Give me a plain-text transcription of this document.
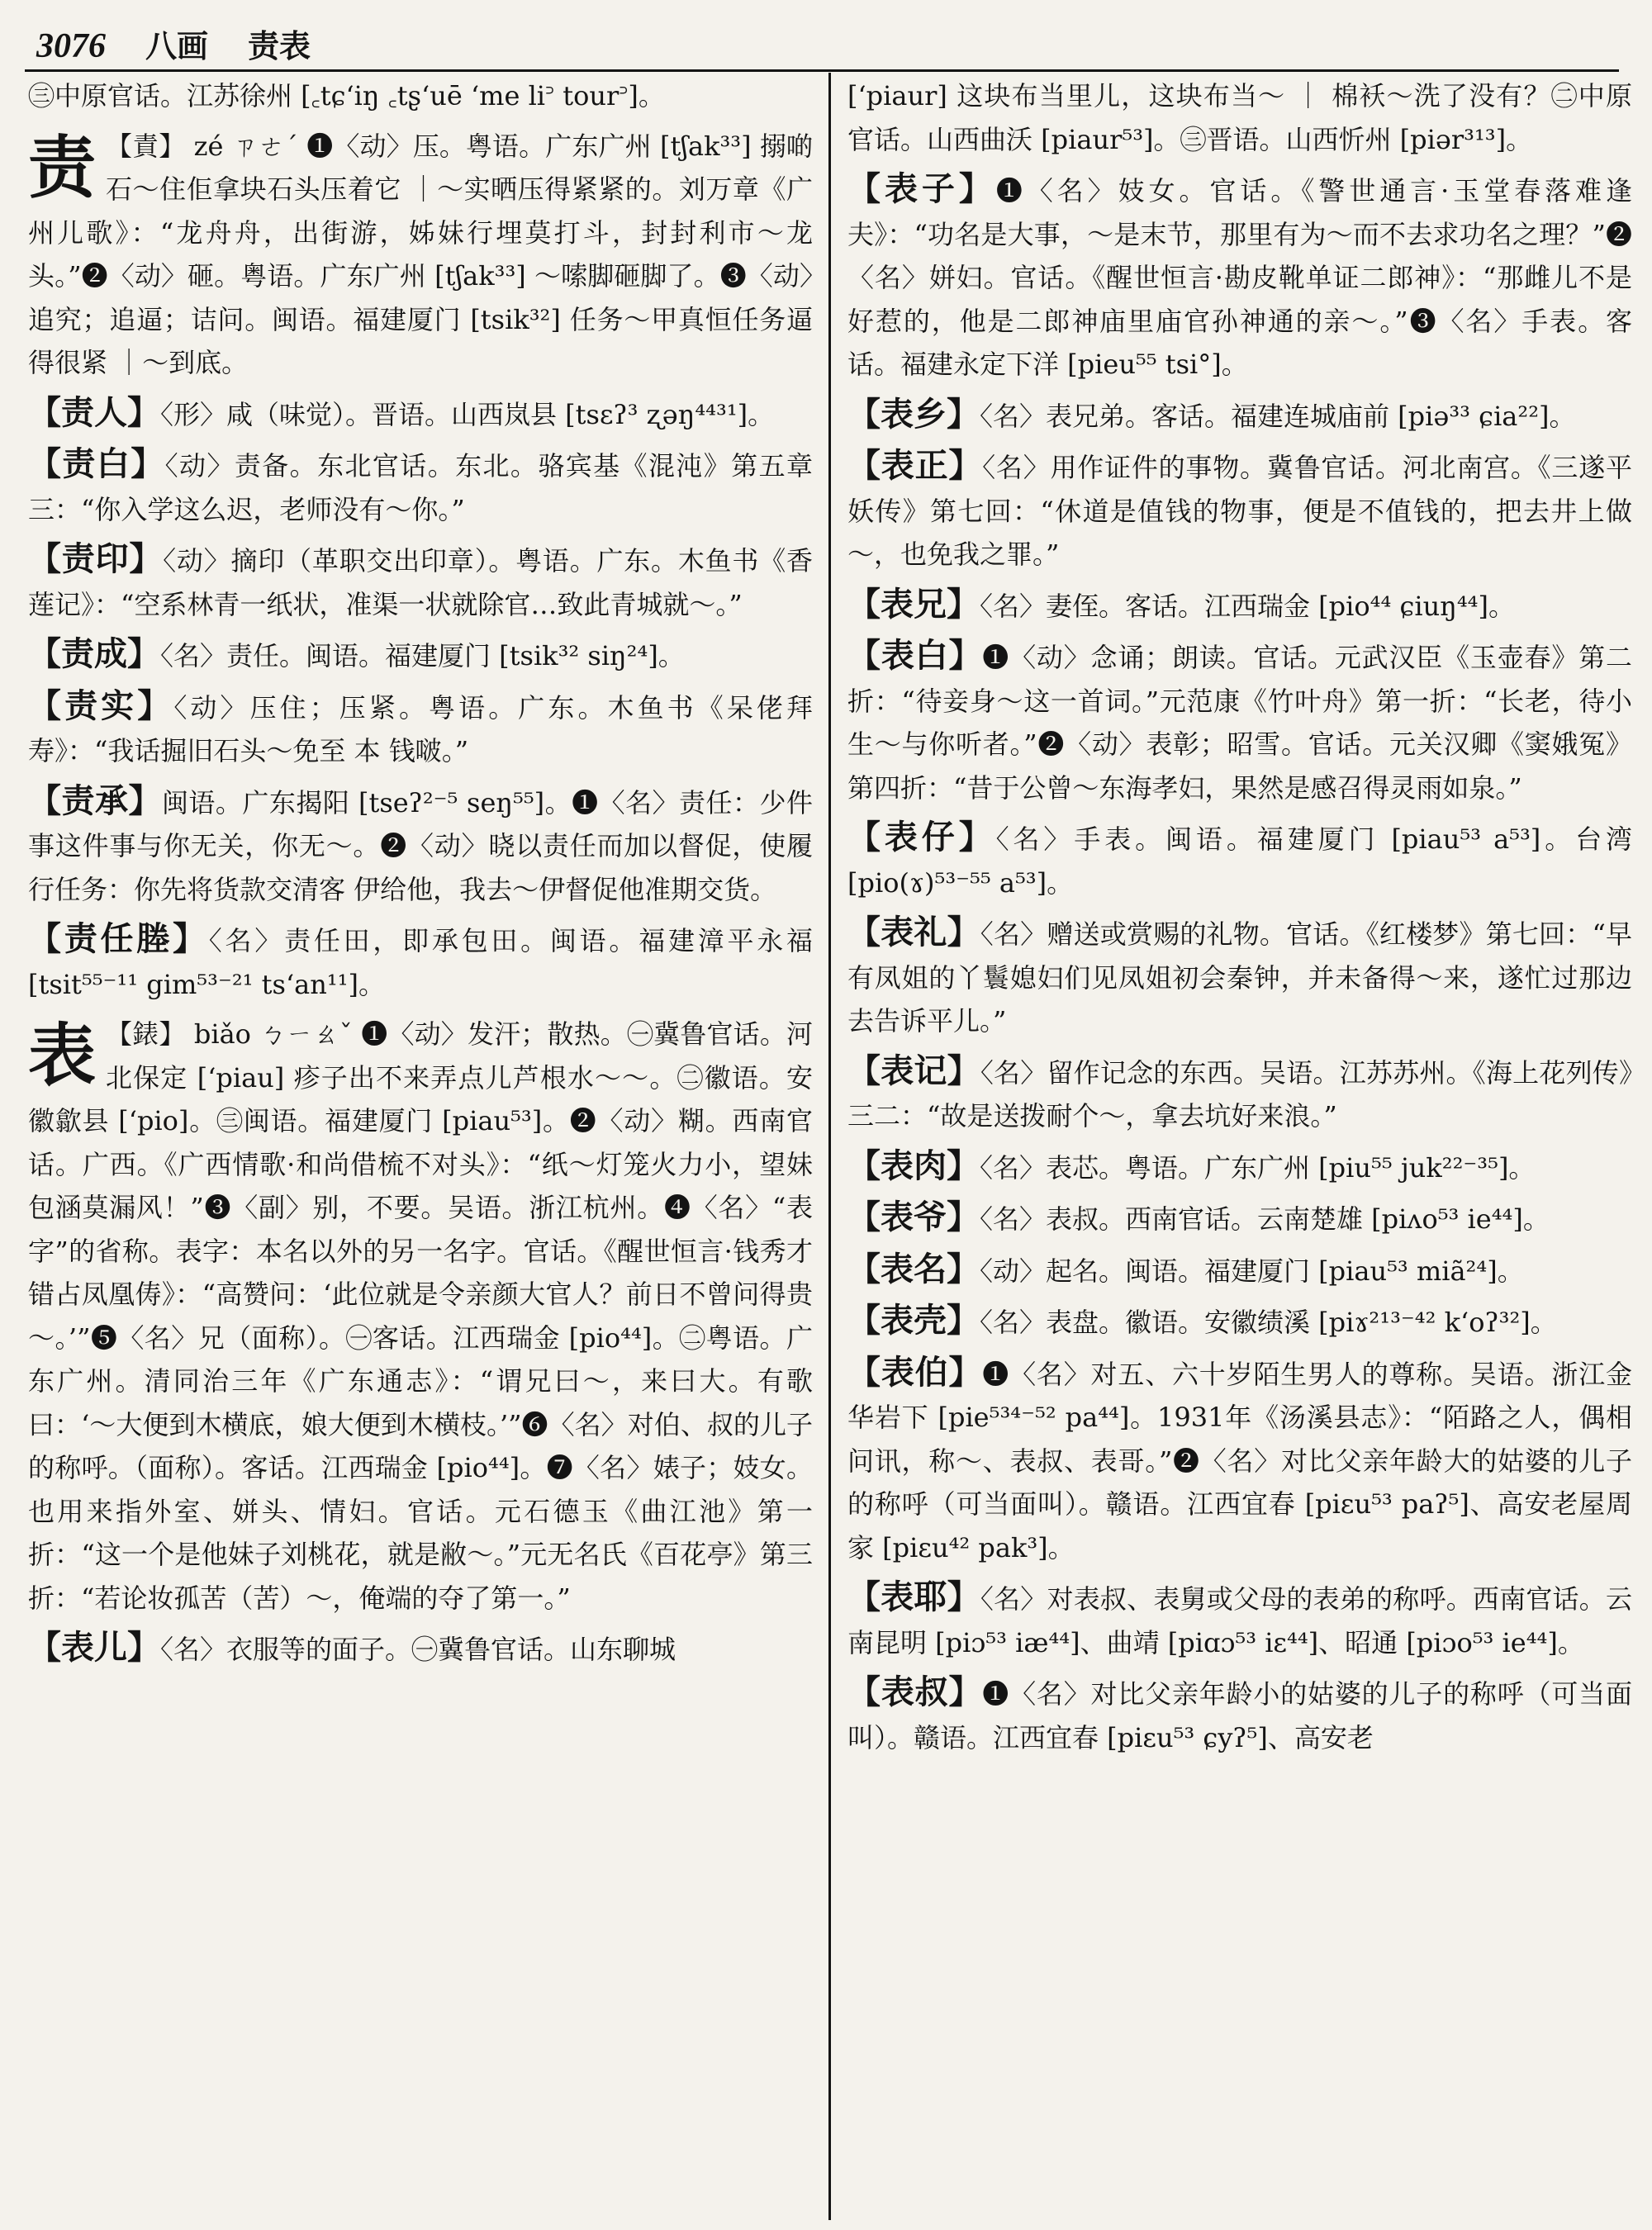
3076 八画 责表

㊂中原官话。江苏徐州 [꜀tɕʻiŋ ꜀tʂʻuē ʻme li꜄ tour꜄]。

责 【責】 zé ㄗㄜˊ ❶〈动〉压。粤语。广东广州 [tʃak³³] 搦啲石～住佢拿块石头压着它 ｜～实晒压得紧紧的。刘万章《广州儿歌》：“龙舟舟，出街游，姊妹行埋莫打斗，封封利市～龙头。”❷〈动〉砸。粤语。广东广州 [tʃak³³] ～嗦脚砸脚了。❸〈动〉追究；追逼；诘问。闽语。福建厦门 [tsik³²] 任务～甲真恒任务逼得很紧 ｜～到底。

【责人】〈形〉咸（味觉）。晋语。山西岚县 [tsɛʔ³ ʐəŋ⁴⁴³¹]。

【责白】〈动〉责备。东北官话。东北。骆宾基《混沌》第五章三：“你入学这么迟，老师没有～你。”

【责印】〈动〉摘印（革职交出印章）。粤语。广东。木鱼书《香莲记》：“空系林青一纸状，准渠一状就除官…致此青城就～。”

【责成】〈名〉责任。闽语。福建厦门 [tsik³² siŋ²⁴]。

【责实】〈动〉压住；压紧。粤语。广东。木鱼书《呆佬拜寿》：“我话掘旧石头～免至 本 钱啵。”

【责承】闽语。广东揭阳 [tseʔ²⁻⁵ seŋ⁵⁵]。❶〈名〉责任：少件事这件事与你无关，你无～。❷〈动〉晓以责任而加以督促，使履行任务：你先将货款交清客 伊给他，我去～伊督促他准期交货。

【责任塍】〈名〉责任田，即承包田。闽语。福建漳平永福 [tsit⁵⁵⁻¹¹ gim⁵³⁻²¹ tsʻan¹¹]。

表 【錶】 biǎo ㄅㄧㄠˇ ❶〈动〉发汗；散热。㊀冀鲁官话。河北保定 [ʻpiau] 疹子出不来弄点儿芦根水～～。㊁徽语。安徽歙县 [ʻpio]。㊂闽语。福建厦门 [piau⁵³]。❷〈动〉糊。西南官话。广西。《广西情歌·和尚借梳不对头》：“纸～灯笼火力小，望妹包涵莫漏风！”❸〈副〉别，不要。吴语。浙江杭州。❹〈名〉“表字”的省称。表字：本名以外的另一名字。官话。《醒世恒言·钱秀才错占凤凰俦》：“高赞问：‘此位就是令亲颜大官人？前日不曾问得贵～。’”❺〈名〉兄（面称）。㊀客话。江西瑞金 [pio⁴⁴]。㊁粤语。广东广州。清同治三年《广东通志》：“谓兄曰～，来曰大。有歌曰：‘～大便到木横底，娘大便到木横枝。’”❻〈名〉对伯、叔的儿子的称呼。（面称）。客话。江西瑞金 [pio⁴⁴]。❼〈名〉婊子；妓女。也用来指外室、姘头、情妇。官话。元石德玉《曲江池》第一折：“这一个是他妹子刘桃花，就是敝～。”元无名氏《百花亭》第三折：“若论妆孤苦（苦）～，俺端的夺了第一。”

【表儿】〈名〉衣服等的面子。㊀冀鲁官话。山东聊城

[ʻpiaur] 这块布当里儿，这块布当～ ｜ 棉袄～洗了没有？㊁中原官话。山西曲沃 [piaur⁵³]。㊂晋语。山西忻州 [piər³¹³]。

【表子】❶〈名〉妓女。官话。《警世通言·玉堂春落难逢夫》：“功名是大事，～是末节，那里有为～而不去求功名之理？”❷〈名〉姘妇。官话。《醒世恒言·勘皮靴单证二郎神》：“那雌儿不是好惹的，他是二郎神庙里庙官孙神通的亲～。”❸〈名〉手表。客话。福建永定下洋 [pieu⁵⁵ tsi°]。

【表乡】〈名〉表兄弟。客话。福建连城庙前 [piə³³ ɕia²²]。

【表正】〈名〉用作证件的事物。冀鲁官话。河北南宫。《三遂平妖传》第七回：“休道是值钱的物事，便是不值钱的，把去井上做～，也免我之罪。”

【表兄】〈名〉妻侄。客话。江西瑞金 [pio⁴⁴ ɕiuŋ⁴⁴]。

【表白】❶〈动〉念诵；朗读。官话。元武汉臣《玉壶春》第二折：“待妾身～这一首词。”元范康《竹叶舟》第一折：“长老，待小生～与你听者。”❷〈动〉表彰；昭雪。官话。元关汉卿《窦娥冤》第四折：“昔于公曾～东海孝妇，果然是感召得灵雨如泉。”

【表仔】〈名〉手表。闽语。福建厦门 [piau⁵³ a⁵³]。台湾 [pio(ɤ)⁵³⁻⁵⁵ a⁵³]。

【表礼】〈名〉赠送或赏赐的礼物。官话。《红楼梦》第七回：“早有凤姐的丫鬟媳妇们见凤姐初会秦钟，并未备得～来，遂忙过那边去告诉平儿。”

【表记】〈名〉留作记念的东西。吴语。江苏苏州。《海上花列传》三二：“故是送拨耐个～，拿去坑好来浪。”

【表肉】〈名〉表芯。粤语。广东广州 [piu⁵⁵ juk²²⁻³⁵]。

【表爷】〈名〉表叔。西南官话。云南楚雄 [piʌo⁵³ ie⁴⁴]。

【表名】〈动〉起名。闽语。福建厦门 [piau⁵³ miã²⁴]。

【表壳】〈名〉表盘。徽语。安徽绩溪 [piɤ²¹³⁻⁴² kʻoʔ³²]。

【表伯】❶〈名〉对五、六十岁陌生男人的尊称。吴语。浙江金华岩下 [pie⁵³⁴⁻⁵² pa⁴⁴]。1931年《汤溪县志》：“陌路之人，偶相问讯，称～、表叔、表哥。”❷〈名〉对比父亲年龄大的姑婆的儿子的称呼（可当面叫）。赣语。江西宜春 [piɛu⁵³ paʔ⁵]、高安老屋周家 [piɛu⁴² pak³]。

【表耶】〈名〉对表叔、表舅或父母的表弟的称呼。西南官话。云南昆明 [piɔ⁵³ iæ⁴⁴]、曲靖 [piɑɔ⁵³ iɛ⁴⁴]、昭通 [piɔo⁵³ ie⁴⁴]。

【表叔】❶〈名〉对比父亲年龄小的姑婆的儿子的称呼（可当面叫）。赣语。江西宜春 [piɛu⁵³ ɕyʔ⁵]、高安老
